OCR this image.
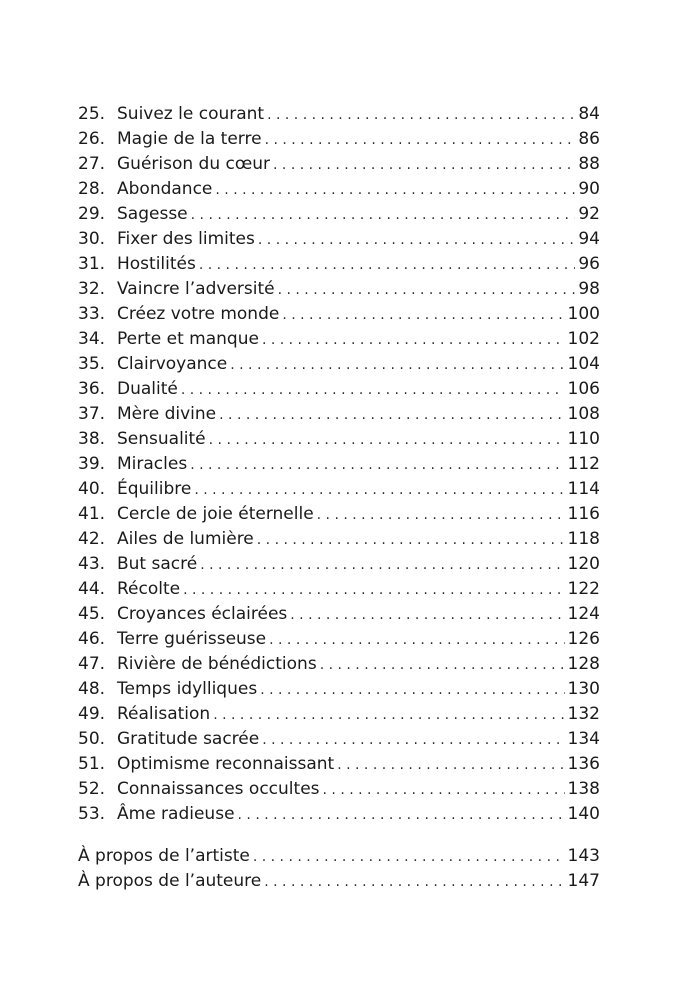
25. Suivez le courant . . .	84
26. Magie de la terre . . .	86
27. Guérison du cœur . . .	88
28. Abondance . . .	90
29. Sagesse . . .	92
30. Fixer des limites . . .	94
31. Hostilités . . .	96
32. Vaincre l’adversité . . .	98
33. Créez votre monde . . .	100
34. Perte et manque . . .	102
35. Clairvoyance . . .	104
36. Dualité . . .	106
37. Mère divine . . .	108
38. Sensualité . . .	110
39. Miracles . . .	112
40. Équilibre . . .	114
41. Cercle de joie éternelle . . .	116
42. Ailes de lumière . . .	118
43. But sacré . . .	120
44. Récolte . . .	122
45. Croyances éclairées . . .	124
46. Terre guérisseuse . . .	126
47. Rivière de bénédictions . . .	128
48. Temps idylliques . . .	130
49. Réalisation . . .	132
50. Gratitude sacrée . . .	134
51. Optimisme reconnaissant . . .	136
52. Connaissances occultes . . .	138
53. Âme radieuse . . .	140
À propos de l’artiste . . .	143
À propos de l’auteure . . .	147
